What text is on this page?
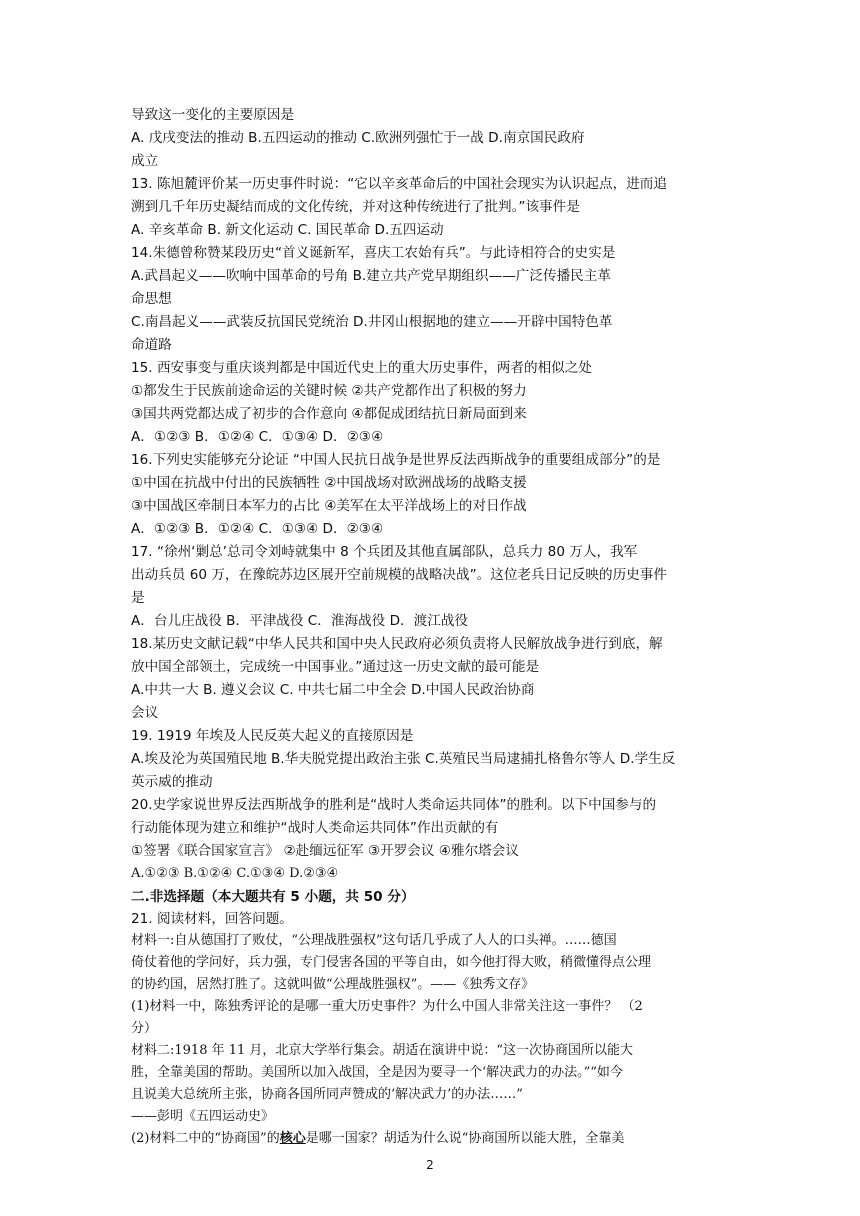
导致这一变化的主要原因是
A. 戊戌变法的推动 B.五四运动的推动 C.欧洲列强忙于一战 D.南京国民政府
成立
13. 陈旭麓评价某一历史事件时说：“它以辛亥革命后的中国社会现实为认识起点，进而追
溯到几千年历史凝结而成的文化传统，并对这种传统进行了批判。”该事件是
A. 辛亥革命 B. 新文化运动 C. 国民革命 D.五四运动
14.朱德曾称赞某段历史“首义诞新军，喜庆工农始有兵”。与此诗相符合的史实是
A.武昌起义——吹响中国革命的号角 B.建立共产党早期组织——广泛传播民主革
命思想
C.南昌起义——武装反抗国民党统治 D.井冈山根据地的建立——开辟中国特色革
命道路
15. 西安事变与重庆谈判都是中国近代史上的重大历史事件，两者的相似之处
①都发生于民族前途命运的关键时候 ②共产党都作出了积极的努力
③国共两党都达成了初步的合作意向 ④都促成团结抗日新局面到来
A．①②③ B．①②④ C．①③④ D．②③④
16.下列史实能够充分论证 “中国人民抗日战争是世界反法西斯战争的重要组成部分”的是
①中国在抗战中付出的民族牺牲 ②中国战场对欧洲战场的战略支援
③中国战区牵制日本军力的占比 ④美军在太平洋战场上的对日作战
A．①②③ B．①②④ C．①③④ D．②③④
17. “徐州‘剿总’总司令刘峙就集中 8 个兵团及其他直属部队，总兵力 80 万人，我军
出动兵员 60 万，在豫皖苏边区展开空前规模的战略决战”。这位老兵日记反映的历史事件
是
A．台儿庄战役 B．平津战役 C．淮海战役 D．渡江战役
18.某历史文献记载“中华人民共和国中央人民政府必须负责将人民解放战争进行到底，解
放中国全部领土，完成统一中国事业。”通过这一历史文献的最可能是
A.中共一大 B. 遵义会议 C. 中共七届二中全会 D.中国人民政治协商
会议
19. 1919 年埃及人民反英大起义的直接原因是
A.埃及沦为英国殖民地 B.华夫脱党提出政治主张 C.英殖民当局逮捕扎格鲁尔等人 D.学生反
英示威的推动
20.史学家说世界反法西斯战争的胜利是“战时人类命运共同体”的胜利。以下中国参与的
行动能体现为建立和维护“战时人类命运共同体”作出贡献的有
①签署《联合国家宣言》 ②赴缅远征军 ③开罗会议 ④雅尔塔会议
A.①②③ B.①②④ C.①③④ D.②③④
二.非选择题（本大题共有 5 小题，共 50 分）
21. 阅读材料，回答问题。
材料一:自从德国打了败仗，“公理战胜强权”这句话几乎成了人人的口头禅。……德国
倚仗着他的学问好，兵力强，专门侵害各国的平等自由，如今他打得大败，稍微懂得点公理
的协约国，居然打胜了。这就叫做“公理战胜强权”。——《独秀文存》
(1)材料一中，陈独秀评论的是哪一重大历史事件？为什么中国人非常关注这一事件？ （2
分）
材料二:1918 年 11 月，北京大学举行集会。胡适在演讲中说：“这一次协商国所以能大
胜，全靠美国的帮助。美国所以加入战国，全是因为要寻一个‘解决武力的办法。”“如今
且说美大总统所主张，协商各国所同声赞成的‘解决武力’的办法……”
——彭明《五四运动史》
(2)材料二中的“协商国”的核心是哪一国家？胡适为什么说“协商国所以能大胜，全靠美
2
